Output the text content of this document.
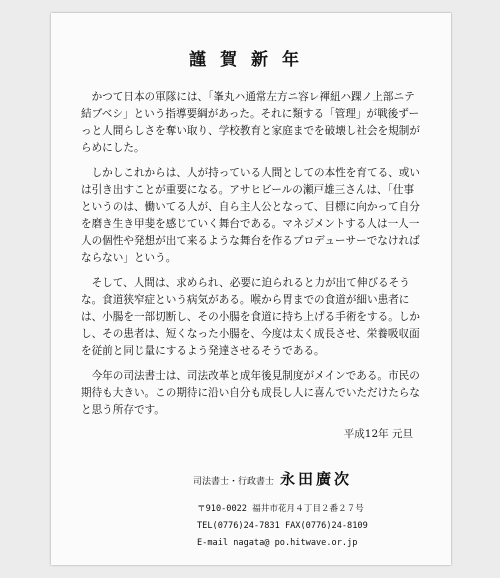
謹賀新年

かつて日本の軍隊には、「峯丸ハ通常左方ニ容レ褌紐ハ踝ノ上部ニテ結ブベシ」という指導要綱があった。それに類する「管理」が戦後ずーっと人間らしさを奪い取り、学校教育と家庭までを破壊し社会を規制がらめにした。

しかしこれからは、人が持っている人間としての本性を育てる、或いは引き出すことが重要になる。アサヒビールの瀬戸雄三さんは、「仕事というのは、働いてる人が、自ら主人公となって、目標に向かって自分を磨き生き甲斐を感じていく舞台である。マネジメントする人は一人一人の個性や発想が出て来るような舞台を作るプロデューサーでなければならない」という。

そして、人間は、求められ、必要に迫られると力が出て伸びるそうな。食道狭窄症という病気がある。喉から胃までの食道が細い患者には、小腸を一部切断し、その小腸を食道に持ち上げる手術をする。しかし、その患者は、短くなった小腸を、今度は太く成長させ、栄養吸収面を従前と同じ量にするよう発達させるそうである。

今年の司法書士は、司法改革と成年後見制度がメインである。市民の期待も大きい。この期待に沿い自分も成長し人に喜んでいただけたらなと思う所存です。

平成12年 元旦
司法書士・行政書士 永田廣次
〒910-0022 福井市花月４丁目２番２７号
TEL(0776)24-7831 FAX(0776)24-8109
E-mail nagata@ po.hitwave.or.jp
